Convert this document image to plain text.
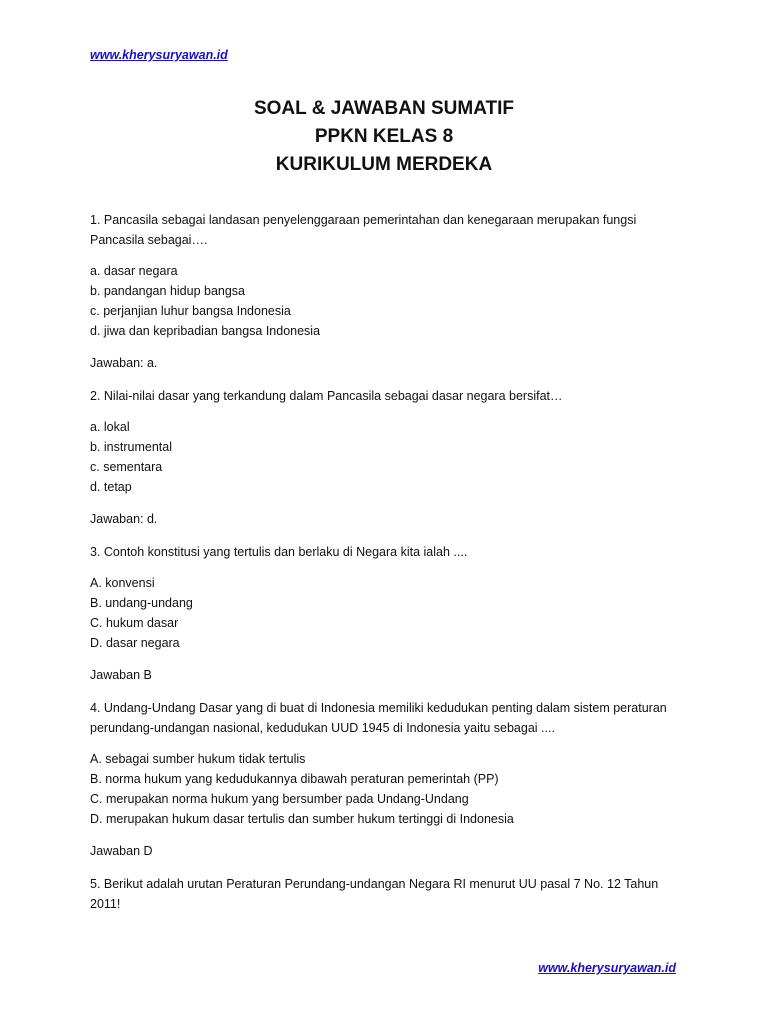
www.kherysuryawan.id
SOAL & JAWABAN SUMATIF
PPKN KELAS 8
KURIKULUM MERDEKA

1. Pancasila sebagai landasan penyelenggaraan pemerintahan dan kenegaraan merupakan fungsi Pancasila sebagai….

a. dasar negara
b. pandangan hidup bangsa
c. perjanjian luhur bangsa Indonesia
d. jiwa dan kepribadian bangsa Indonesia

Jawaban: a.

2. Nilai-nilai dasar yang terkandung dalam Pancasila sebagai dasar negara bersifat…

a. lokal
b. instrumental
c. sementara
d. tetap

Jawaban: d.

3. Contoh konstitusi yang tertulis dan berlaku di Negara kita ialah ....

A. konvensi
B. undang-undang
C. hukum dasar
D. dasar negara

Jawaban B

4. Undang-Undang Dasar yang di buat di Indonesia memiliki kedudukan penting dalam sistem peraturan perundang-undangan nasional, kedudukan UUD 1945 di Indonesia yaitu sebagai ....

A. sebagai sumber hukum tidak tertulis
B. norma hukum yang kedudukannya dibawah peraturan pemerintah (PP)
C. merupakan norma hukum yang bersumber pada Undang-Undang
D. merupakan hukum dasar tertulis dan sumber hukum tertinggi di Indonesia

Jawaban D

5. Berikut adalah urutan Peraturan Perundang-undangan Negara RI menurut UU pasal 7 No. 12 Tahun 2011!

www.kherysuryawan.id
